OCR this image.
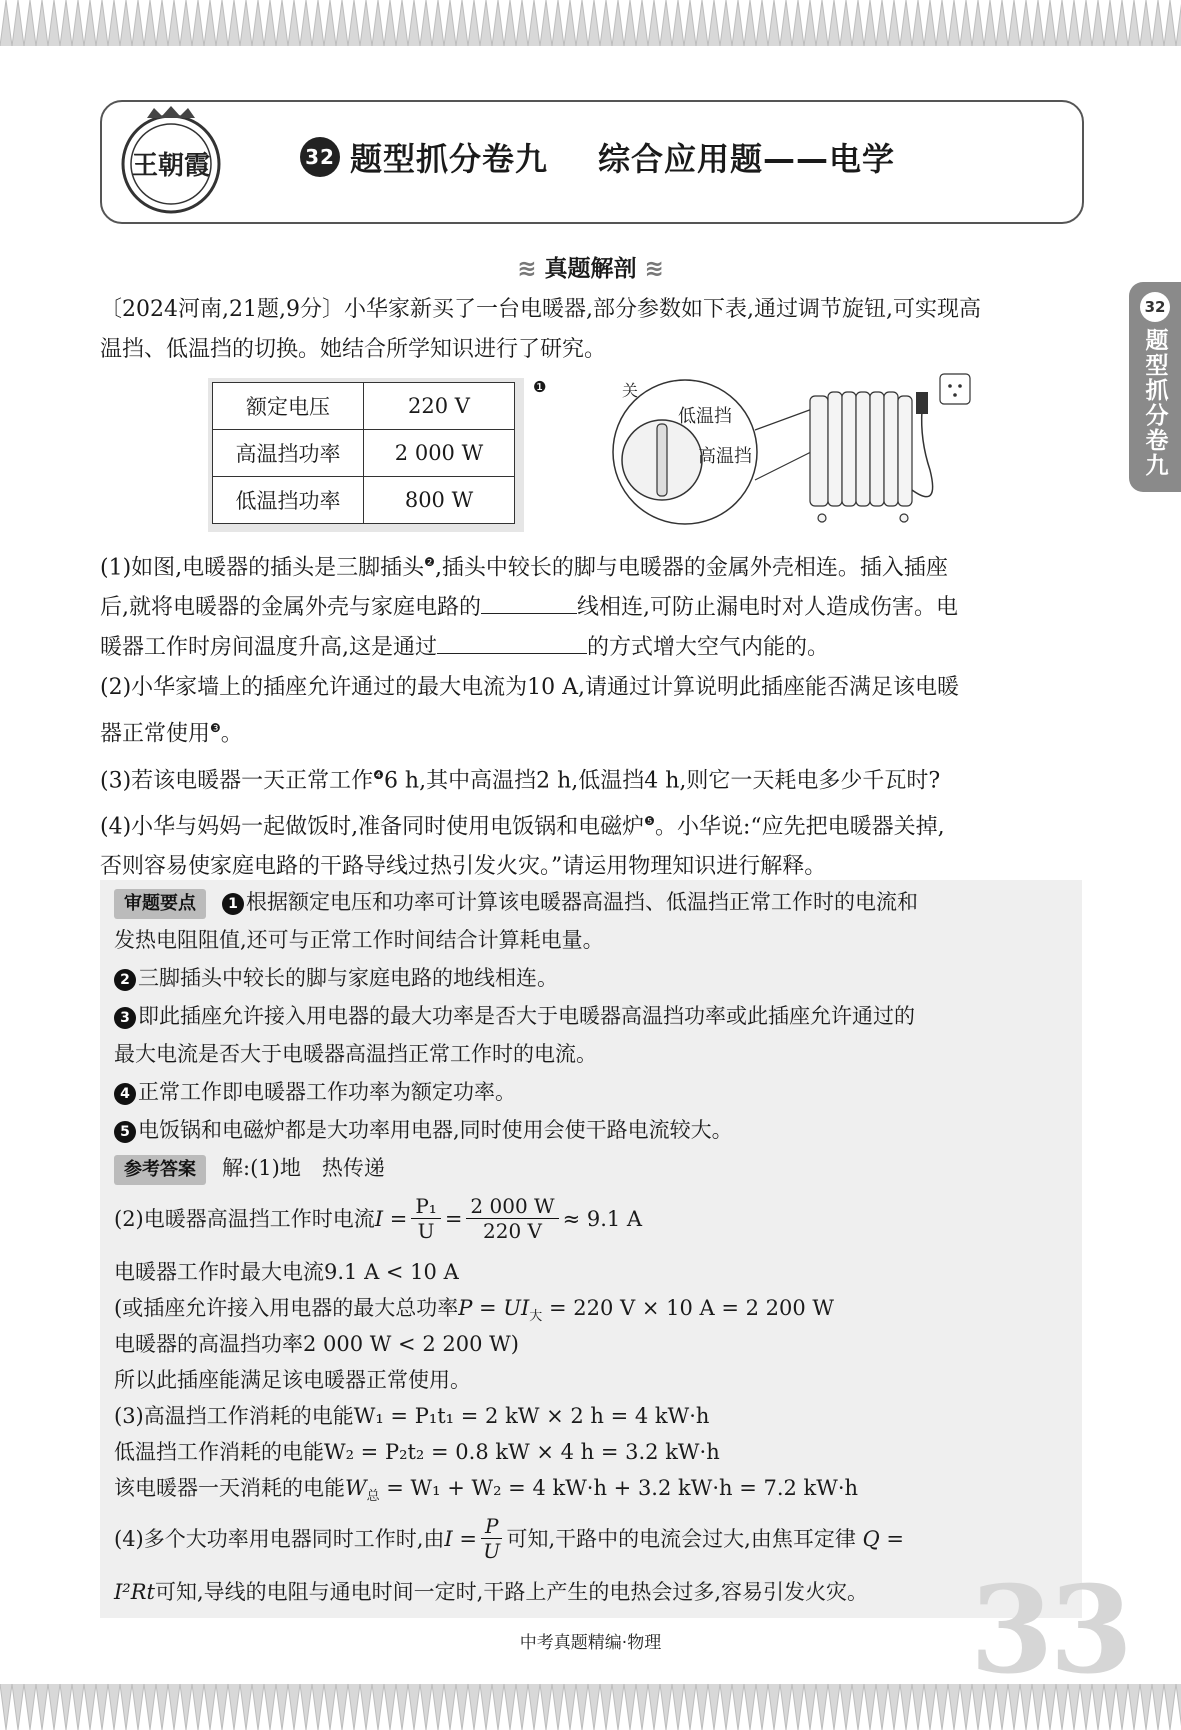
王朝霞	32 题型抓分卷九 综合应用题——电学
32
题型抓分卷九
≋ 真题解剖 ≋
〔2024河南,21题,9分〕小华家新买了一台电暖器,部分参数如下表,通过调节旋钮,可实现高
温挡、低温挡的切换。她结合所学知识进行了研究。
额定电压	220 V
高温挡功率	2 000 W
低温挡功率	800 W
❶	关
低温挡
高温挡
(1)如图,电暖器的插头是三脚插头$^❷$,插头中较长的脚与电暖器的金属外壳相连。插入插座
后,就将电暖器的金属外壳与家庭电路的	线相连,可防止漏电时对人造成伤害。电
暖器工作时房间温度升高,这是通过	的方式增大空气内能的。
(2)小华家墙上的插座允许通过的最大电流为10 A,请通过计算说明此插座能否满足该电暖
器正常使用$^❸$。
(3)若该电暖器一天正常工作$^❹$6 h,其中高温挡2 h,低温挡4 h,则它一天耗电多少千瓦时?
(4)小华与妈妈一起做饭时,准备同时使用电饭锅和电磁炉$^❺$。小华说:“应先把电暖器关掉,
否则容易使家庭电路的干路导线过热引发火灾。”请运用物理知识进行解释。
审题要点 1 根据额定电压和功率可计算该电暖器高温挡、低温挡正常工作时的电流和
发热电阻阻值,还可与正常工作时间结合计算耗电量。
2 三脚插头中较长的脚与家庭电路的地线相连。
3 即此插座允许接入用电器的最大功率是否大于电暖器高温挡功率或此插座允许通过的
最大电流是否大于电暖器高温挡正常工作时的电流。
4 正常工作即电暖器工作功率为额定功率。
5 电饭锅和电磁炉都是大功率用电器,同时使用会使干路电流较大。
参考答案 解:(1)地　热传递
(2)电暖器高温挡工作时电流 $I = \frac{\text{P₁}}{U} = \frac{2 000 W}{220 V} \approx 9.1$ A
电暖器工作时最大电流9.1 A < 10 A
(或插座允许接入用电器的最大总功率$P = UI_大 = 220$ V × 10 A = 2 200 W
电暖器的高温挡功率2 000 W < 2 200 W)
所以此插座能满足该电暖器正常使用。
(3)高温挡工作消耗的电能W₁ = P₁t₁ = 2 kW × 2 h = 4 kW·h
低温挡工作消耗的电能W₂ = P₂t₂ = 0.8 kW × 4 h = 3.2 kW·h
该电暖器一天消耗的电能$W_总 = W_1 + W_2 = 4$ kW·h + 3.2 kW·h = 7.2 kW·h
(4)多个大功率用电器同时工作时,由 $I = \frac{P}{U}$ 可知,干路中的电流会过大,由焦耳定律
Q =
I²Rt可知,导线的电阻与通电时间一定时,干路上产生的电热会过多,容易引发火灾。 33
中考真题精编·物理
